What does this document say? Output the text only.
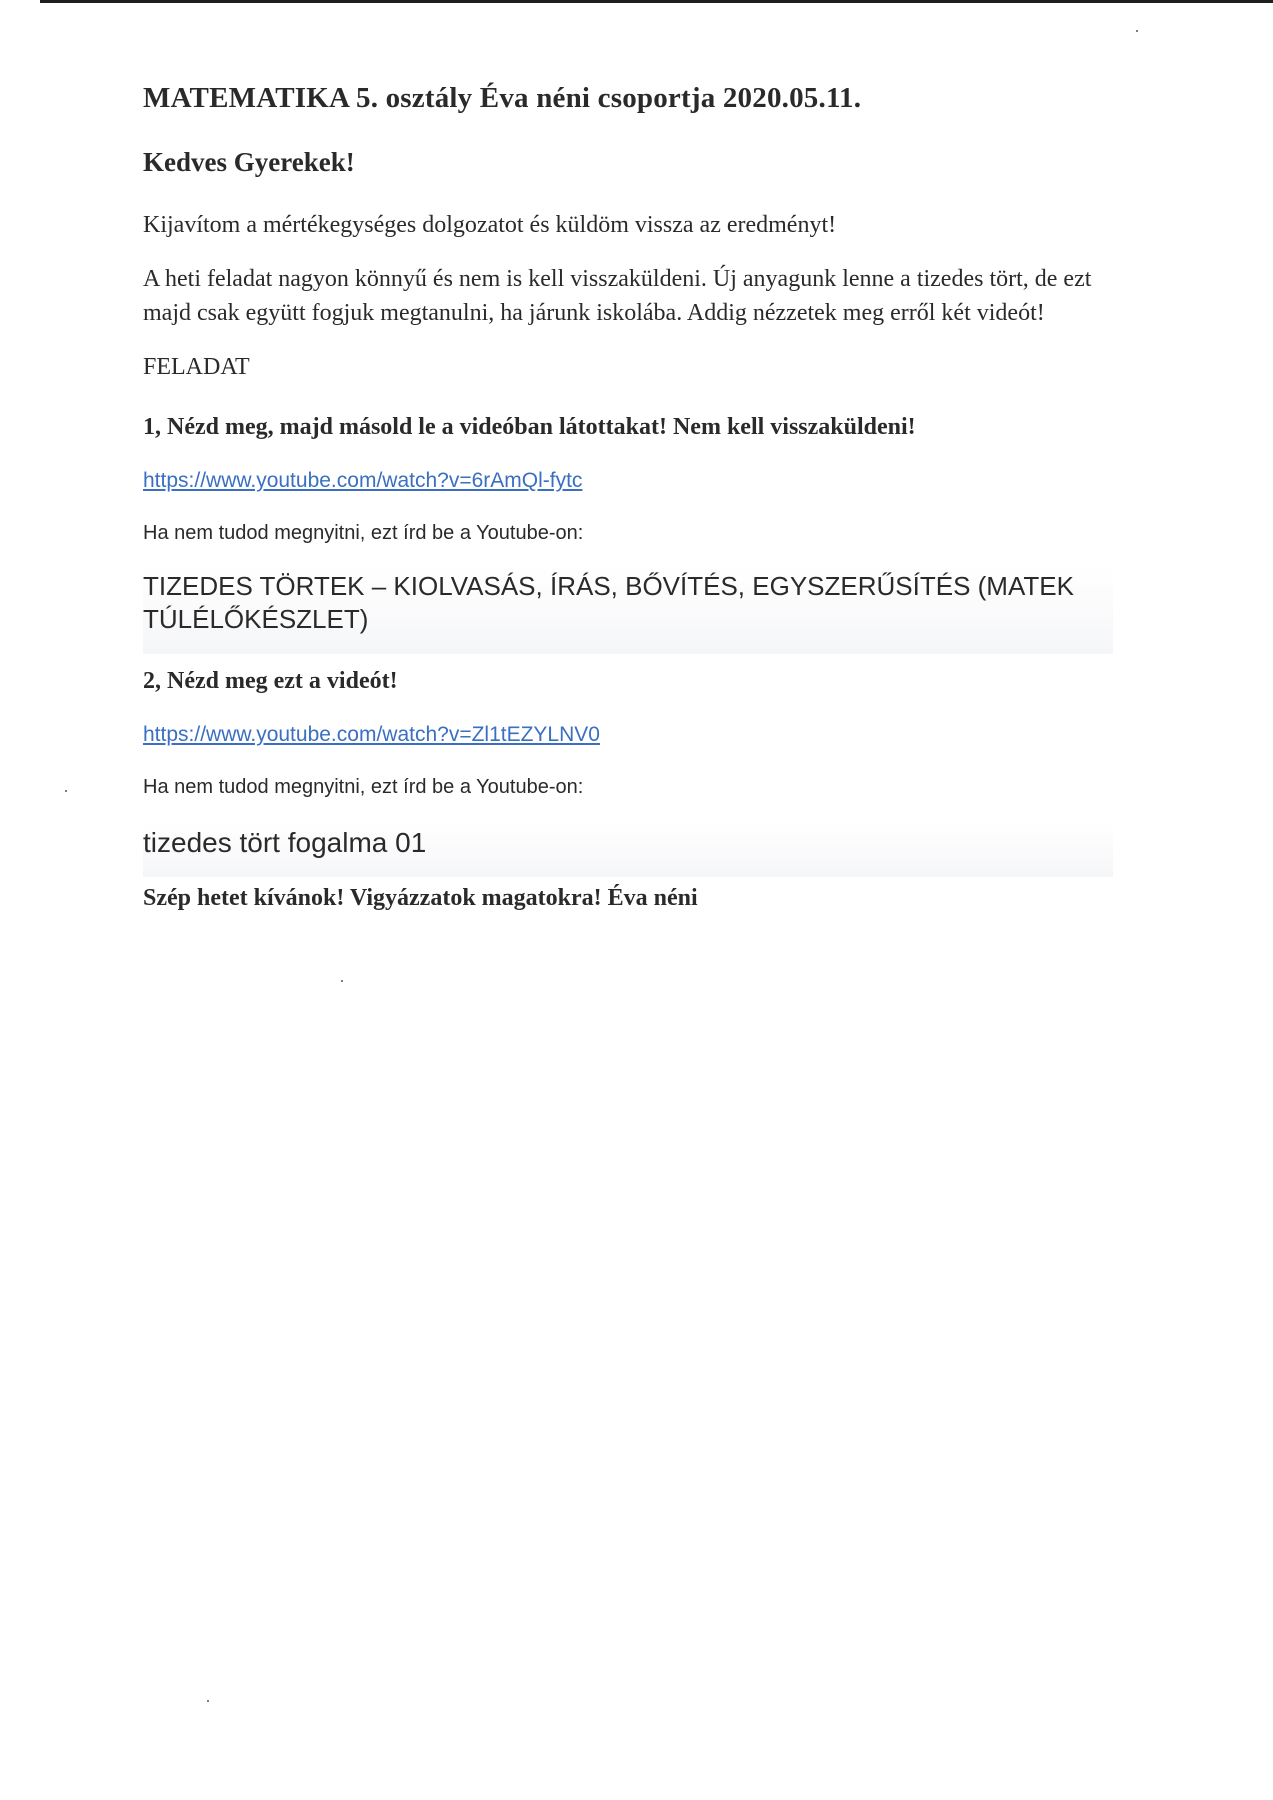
MATEMATIKA 5. osztály Éva néni csoportja 2020.05.11.

Kedves Gyerekek!

Kijavítom a mértékegységes dolgozatot és küldöm vissza az eredményt!

A heti feladat nagyon könnyű és nem is kell visszaküldeni. Új anyagunk lenne a tizedes tört, de ezt majd csak együtt fogjuk megtanulni, ha járunk iskolába. Addig nézzetek meg erről két videót!

FELADAT

1, Nézd meg, majd másold le a videóban látottakat! Nem kell visszaküldeni!

https://www.youtube.com/watch?v=6rAmQl-fytc

Ha nem tudod megnyitni, ezt írd be a Youtube-on:

TIZEDES TÖRTEK – KIOLVASÁS, ÍRÁS, BŐVÍTÉS, EGYSZERŰSÍTÉS (MATEK TÚLÉLŐKÉSZLET)

2, Nézd meg ezt a videót!

https://www.youtube.com/watch?v=Zl1tEZYLNV0

Ha nem tudod megnyitni, ezt írd be a Youtube-on:

tizedes tört fogalma 01

Szép hetet kívánok! Vigyázzatok magatokra! Éva néni
